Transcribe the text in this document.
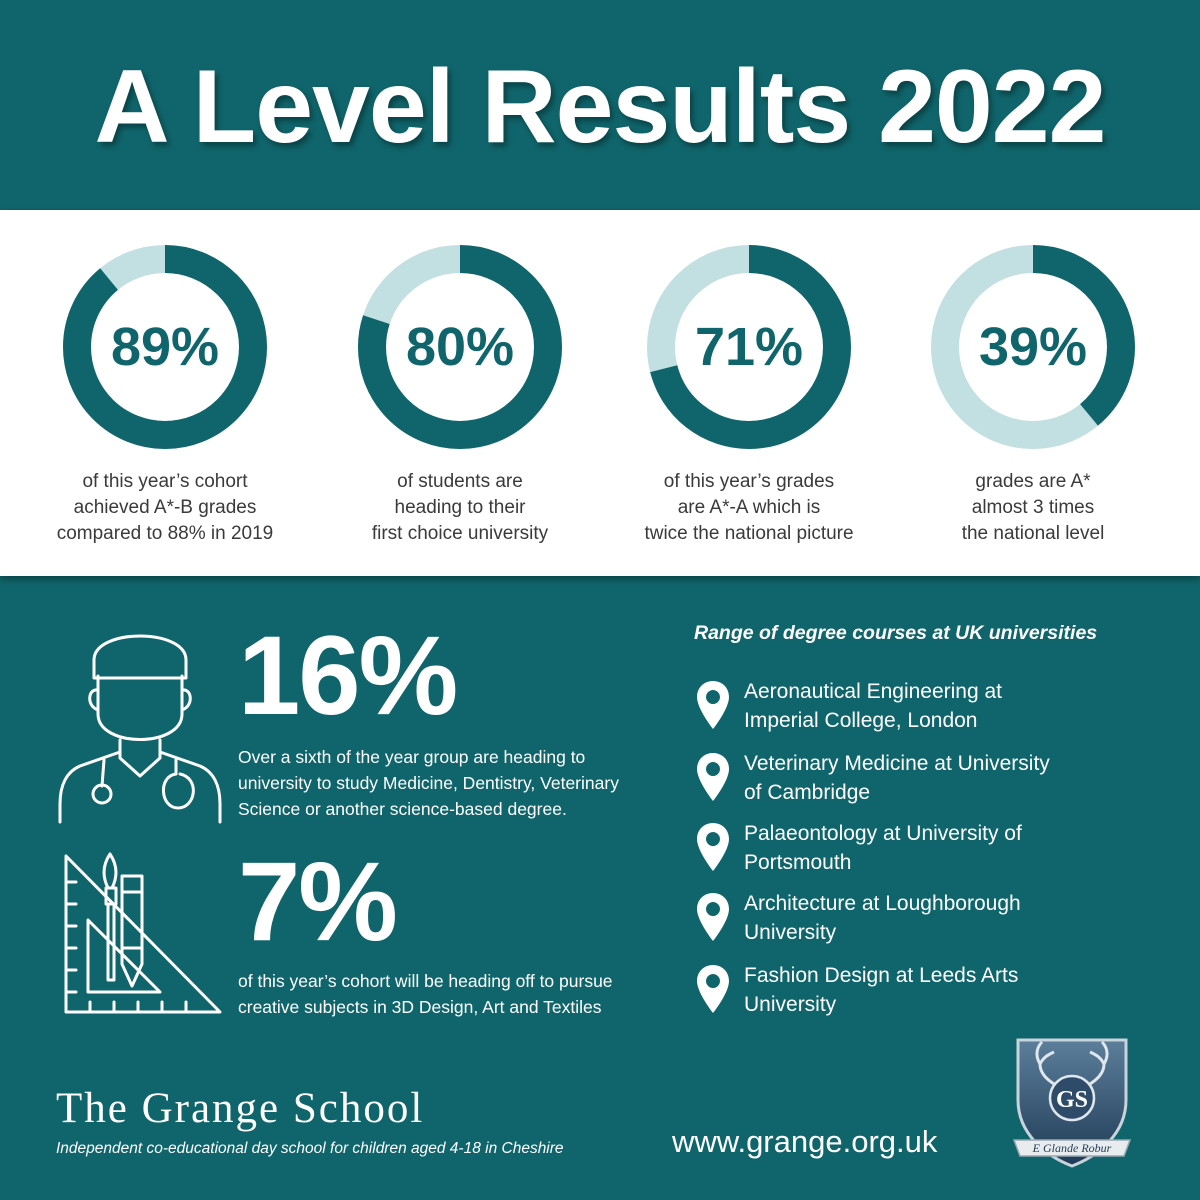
A Level Results 2022
89%
of this year’s cohort
achieved A*-B grades
compared to 88% in 2019
80%
of students are
heading to their
first choice university
71%
of this year’s grades
are A*-A which is
twice the national picture
39%
grades are A*
almost 3 times
the national level
16%
Over a sixth of the year group are heading to
university to study Medicine, Dentistry, Veterinary
Science or another science-based degree.
7%
of this year’s cohort will be heading off to pursue
creative subjects in 3D Design, Art and Textiles
Range of degree courses at UK universities
Aeronautical Engineering at
Imperial College, London
Veterinary Medicine at University
of Cambridge
Palaeontology at University of
Portsmouth
Architecture at Loughborough
University
Fashion Design at Leeds Arts
University
The Grange School
Independent co-educational day school for children aged 4-18 in Cheshire	www.grange.org.uk
GS
E Glande Robur
